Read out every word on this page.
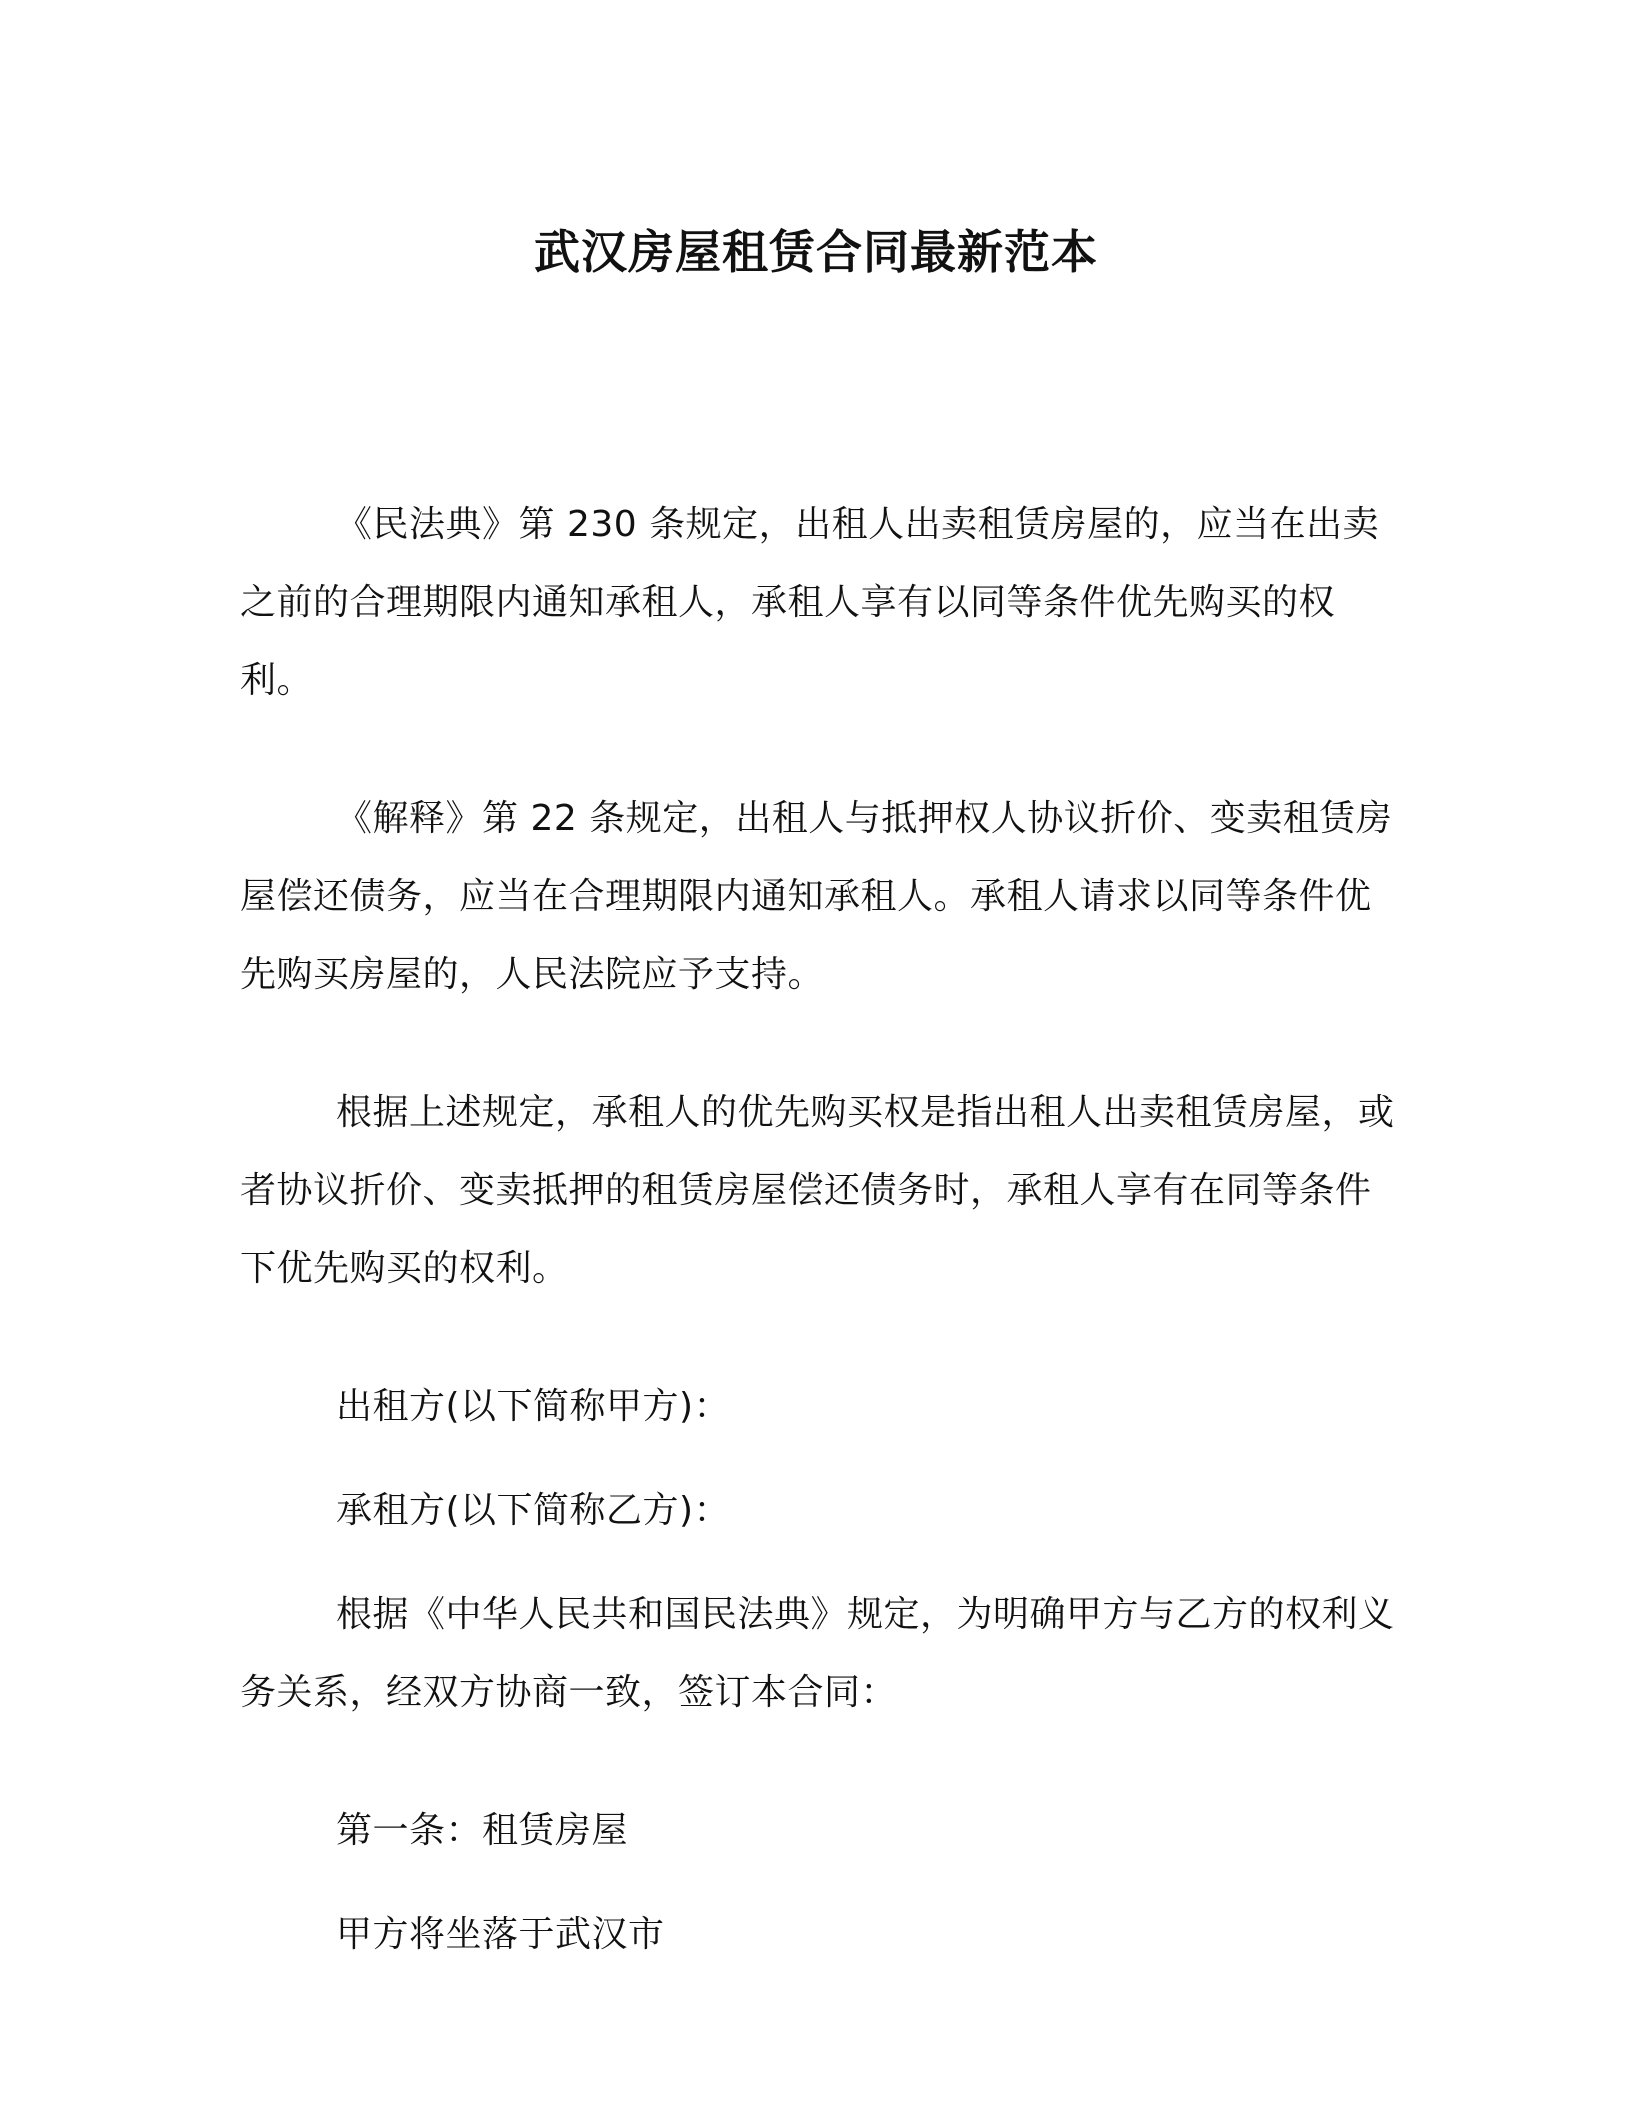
武汉房屋租赁合同最新范本

《民法典》第 230 条规定，出租人出卖租赁房屋的，应当在出卖之前的合理期限内通知承租人，承租人享有以同等条件优先购买的权利。

《解释》第 22 条规定，出租人与抵押权人协议折价、变卖租赁房屋偿还债务，应当在合理期限内通知承租人。承租人请求以同等条件优先购买房屋的，人民法院应予支持。

根据上述规定，承租人的优先购买权是指出租人出卖租赁房屋，或者协议折价、变卖抵押的租赁房屋偿还债务时，承租人享有在同等条件下优先购买的权利。

出租方(以下简称甲方)：

承租方(以下简称乙方)：

根据《中华人民共和国民法典》规定，为明确甲方与乙方的权利义务关系，经双方协商一致，签订本合同：

第一条：租赁房屋

甲方将坐落于武汉市
